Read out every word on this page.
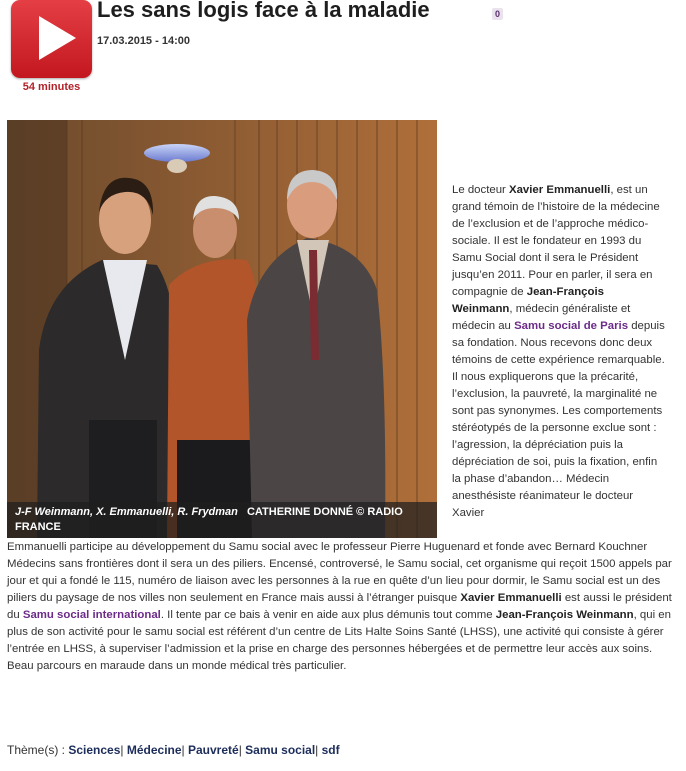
54 minutes
Les sans logis face à la maladie	0
17.03.2015 - 14:00
J-F Weinmann, X. Emmanuelli, R. Frydman CATHERINE DONNÉ © RADIO FRANCE

Le docteur Xavier Emmanuelli, est un grand témoin de l’histoire de la médecine de l’exclusion et de l’approche médico-sociale. Il est le fondateur en 1993 du Samu Social dont il sera le Président jusqu’en 2011. Pour en parler, il sera en compagnie de Jean-François Weinmann, médecin généraliste et médecin au Samu social de Paris depuis sa fondation. Nous recevons donc deux témoins de cette expérience remarquable. Il nous expliquerons que la précarité, l’exclusion, la pauvreté, la marginalité ne sont pas synonymes. Les comportements stéréotypés de la personne exclue sont : l’agression, la dépréciation puis la dépréciation de soi, puis la fixation, enfin la phase d’abandon… Médecin anesthésiste réanimateur le docteur Xavier

Emmanuelli participe au développement du Samu social avec le professeur Pierre Huguenard et fonde avec Bernard Kouchner Médecins sans frontières dont il sera un des piliers. Encensé, controversé, le Samu social, cet organisme qui reçoit 1500 appels par jour et qui a fondé le 115, numéro de liaison avec les personnes à la rue en quête d’un lieu pour dormir, le Samu social est un des piliers du paysage de nos villes non seulement en France mais aussi à l’étranger puisque Xavier Emmanuelli est aussi le président du Samu social international. Il tente par ce bais à venir en aide aux plus démunis tout comme Jean-François Weinmann, qui en plus de son activité pour le samu social est référent d’un centre de Lits Halte Soins Santé (LHSS), une activité qui consiste à gérer l’entrée en LHSS, à superviser l’admission et la prise en charge des personnes hébergées et de permettre leur accès aux soins. Beau parcours en maraude dans un monde médical très particulier.

Thème(s) : Sciences| Médecine| Pauvreté| Samu social| sdf
